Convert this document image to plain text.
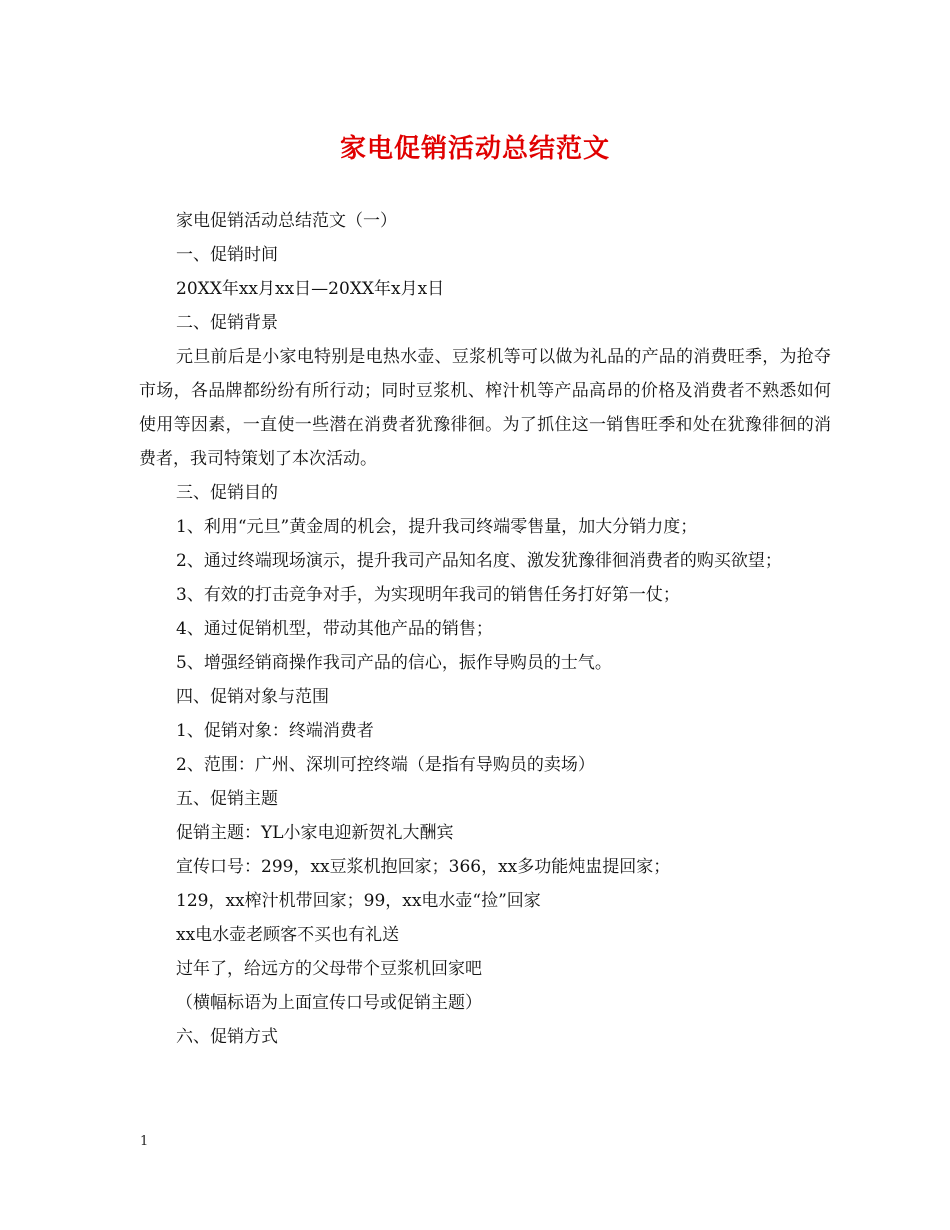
家电促销活动总结范文

家电促销活动总结范文（一）

一、促销时间

20XX年xx月xx日—20XX年x月x日

二、促销背景

元旦前后是小家电特别是电热水壶、豆浆机等可以做为礼品的产品的消费旺季，为抢夺市场，各品牌都纷纷有所行动；同时豆浆机、榨汁机等产品高昂的价格及消费者不熟悉如何使用等因素，一直使一些潜在消费者犹豫徘徊。为了抓住这一销售旺季和处在犹豫徘徊的消费者，我司特策划了本次活动。

三、促销目的

1、利用“元旦”黄金周的机会，提升我司终端零售量，加大分销力度；

2、通过终端现场演示，提升我司产品知名度、激发犹豫徘徊消费者的购买欲望；

3、有效的打击竞争对手，为实现明年我司的销售任务打好第一仗；

4、通过促销机型，带动其他产品的销售；

5、增强经销商操作我司产品的信心，振作导购员的士气。

四、促销对象与范围

1、促销对象：终端消费者

2、范围：广州、深圳可控终端（是指有导购员的卖场）

五、促销主题

促销主题：YL小家电迎新贺礼大酬宾

宣传口号：299，xx豆浆机抱回家；366，xx多功能炖盅提回家；

129，xx榨汁机带回家；99，xx电水壶“捡”回家

xx电水壶老顾客不买也有礼送

过年了，给远方的父母带个豆浆机回家吧

（横幅标语为上面宣传口号或促销主题）

六、促销方式

1
